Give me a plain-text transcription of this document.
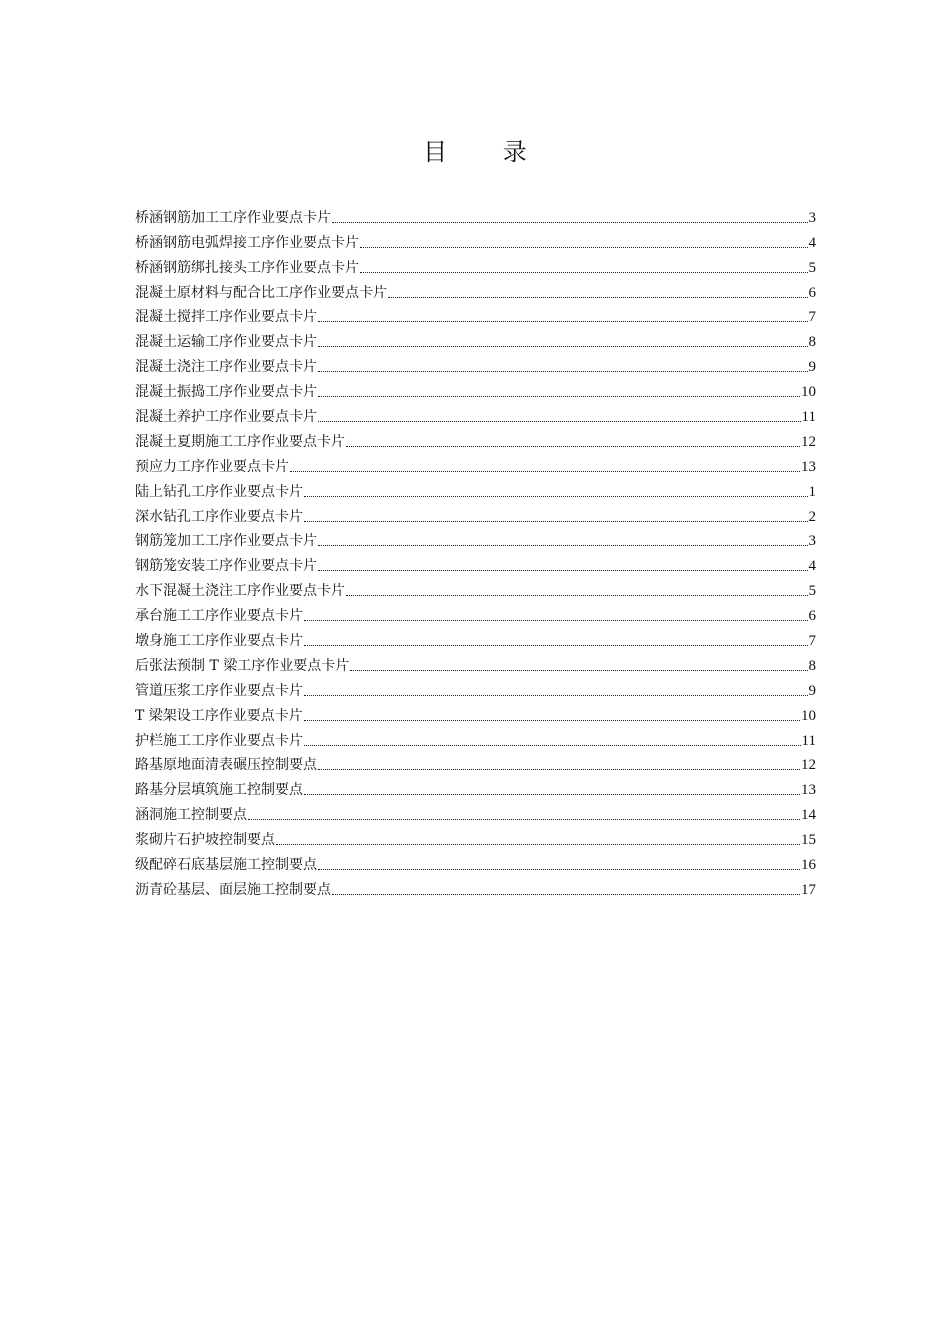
目 录
桥涵钢筋加工工序作业要点卡片	3
桥涵钢筋电弧焊接工序作业要点卡片	4
桥涵钢筋绑扎接头工序作业要点卡片	5
混凝土原材料与配合比工序作业要点卡片	6
混凝土搅拌工序作业要点卡片	7
混凝土运输工序作业要点卡片	8
混凝土浇注工序作业要点卡片	9
混凝土振捣工序作业要点卡片	10
混凝土养护工序作业要点卡片	11
混凝土夏期施工工序作业要点卡片	12
预应力工序作业要点卡片	13
陆上钻孔工序作业要点卡片	1
深水钻孔工序作业要点卡片	2
钢筋笼加工工序作业要点卡片	3
钢筋笼安装工序作业要点卡片	4
水下混凝土浇注工序作业要点卡片	5
承台施工工序作业要点卡片	6
墩身施工工序作业要点卡片	7
后张法预制 T 梁工序作业要点卡片	8
管道压浆工序作业要点卡片	9
T 梁架设工序作业要点卡片	10
护栏施工工序作业要点卡片	11
路基原地面清表碾压控制要点	12
路基分层填筑施工控制要点	13
涵洞施工控制要点	14
浆砌片石护坡控制要点	15
级配碎石底基层施工控制要点	16
沥青砼基层、面层施工控制要点	17
